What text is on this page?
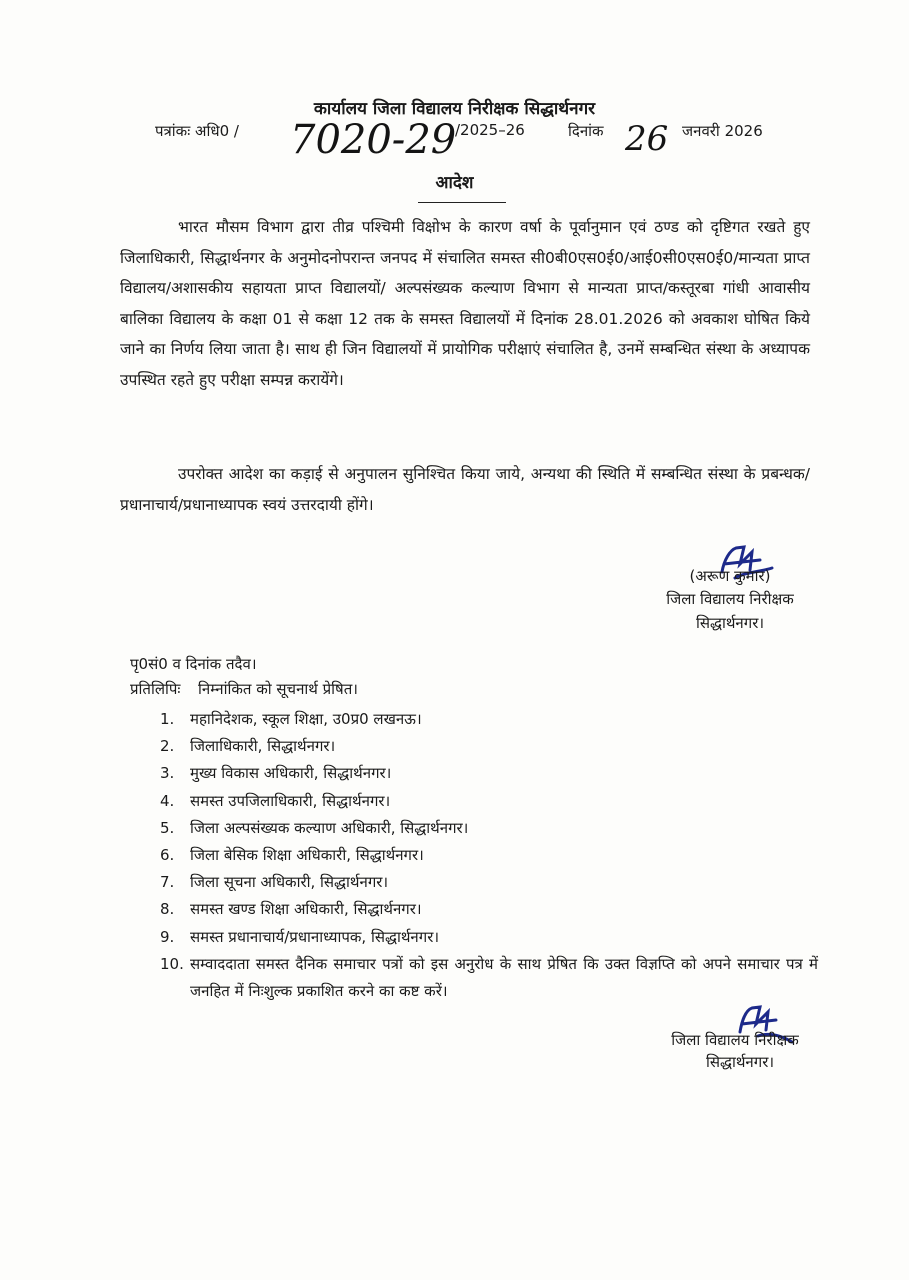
कार्यालय जिला विद्यालय निरीक्षक सिद्धार्थनगर
पत्रांकः अधि0 / 7020-29
/2025–26	दिनांक 26 जनवरी 2026
आदेश
भारत मौसम विभाग द्वारा तीव्र पश्चिमी विक्षोभ के कारण वर्षा के पूर्वानुमान एवं ठण्ड को दृष्टिगत रखते हुए जिलाधिकारी, सिद्धार्थनगर के अनुमोदनोपरान्त जनपद में संचालित समस्त सी0बी0एस0ई0/आई0सी0एस0ई0/मान्यता प्राप्त विद्यालय/अशासकीय सहायता प्राप्त विद्यालयों/ अल्पसंख्यक कल्याण विभाग से मान्यता प्राप्त/कस्तूरबा गांधी आवासीय बालिका विद्यालय के कक्षा 01 से कक्षा 12 तक के समस्त विद्यालयों में दिनांक 28.01.2026 को अवकाश घोषित किये जाने का निर्णय लिया जाता है। साथ ही जिन विद्यालयों में प्रायोगिक परीक्षाएं संचालित है, उनमें सम्बन्धित संस्था के अध्यापक उपस्थित रहते हुए परीक्षा सम्पन्न करायेंगे।
उपरोक्त आदेश का कड़ाई से अनुपालन सुनिश्चित किया जाये, अन्यथा की स्थिति में सम्बन्धित संस्था के प्रबन्धक/प्रधानाचार्य/प्रधानाध्यापक स्वयं उत्तरदायी होंगे।
(अरूण कुमार)
जिला विद्यालय निरीक्षक
सिद्धार्थनगर।
पृ0सं0 व दिनांक तदैव।
प्रतिलिपिः निम्नांकित को सूचनार्थ प्रेषित।
1. महानिदेशक, स्कूल शिक्षा, उ0प्र0 लखनऊ।
2. जिलाधिकारी, सिद्धार्थनगर।
3. मुख्य विकास अधिकारी, सिद्धार्थनगर।
4. समस्त उपजिलाधिकारी, सिद्धार्थनगर।
5. जिला अल्पसंख्यक कल्याण अधिकारी, सिद्धार्थनगर।
6. जिला बेसिक शिक्षा अधिकारी, सिद्धार्थनगर।
7. जिला सूचना अधिकारी, सिद्धार्थनगर।
8. समस्त खण्ड शिक्षा अधिकारी, सिद्धार्थनगर।
9. समस्त प्रधानाचार्य/प्रधानाध्यापक, सिद्धार्थनगर।
10. सम्वाददाता समस्त दैनिक समाचार पत्रों को इस अनुरोध के साथ प्रेषित कि उक्त विज्ञप्ति को अपने समाचार पत्र में जनहित में निःशुल्क प्रकाशित करने का कष्ट करें।
जिला विद्यालय निरीक्षक
सिद्धार्थनगर।
